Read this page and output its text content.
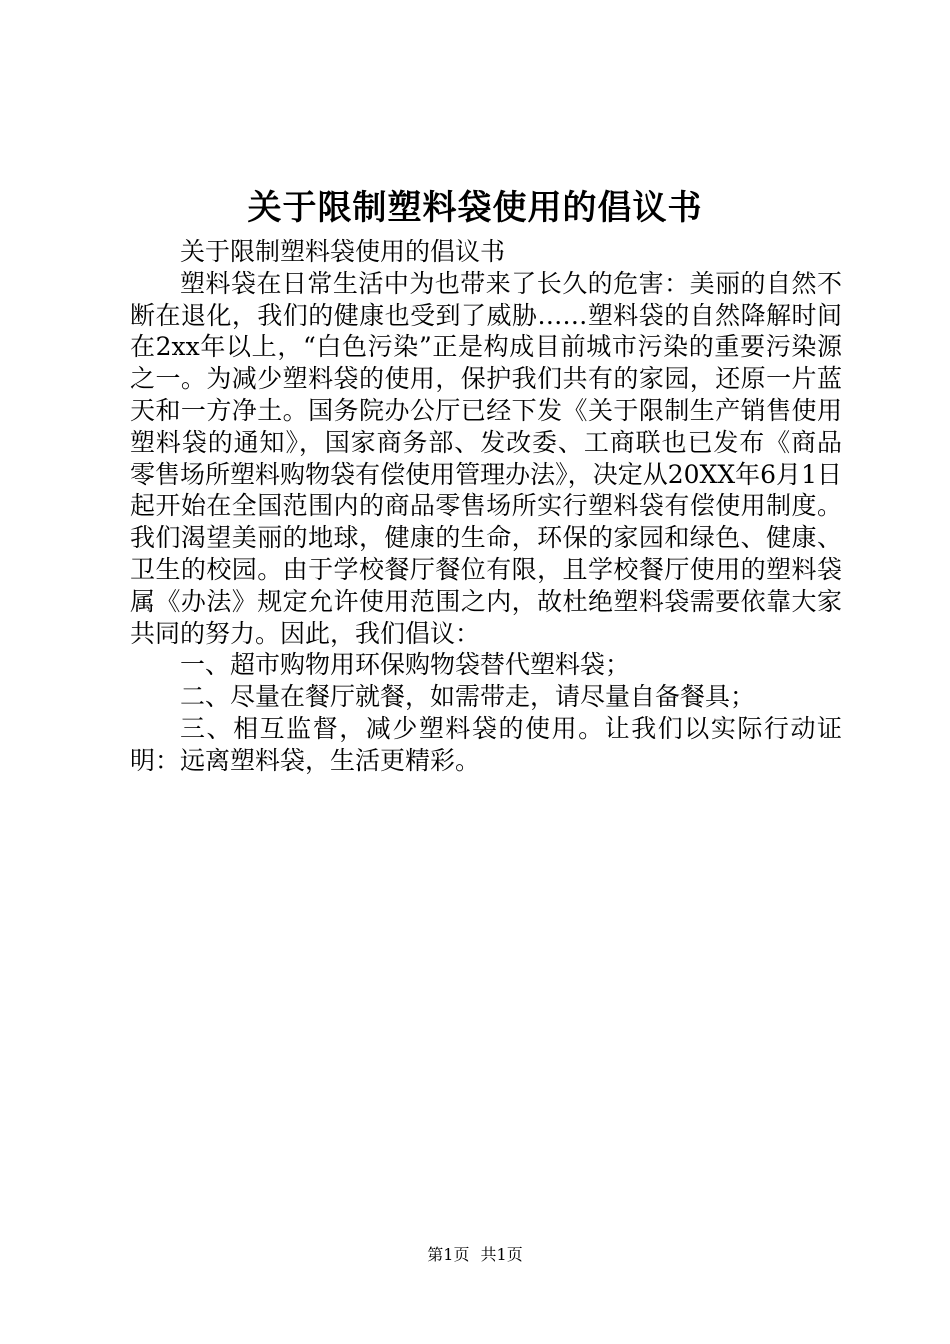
关于限制塑料袋使用的倡议书

关于限制塑料袋使用的倡议书

塑料袋在日常生活中为也带来了长久的危害：美丽的自然不断在退化，我们的健康也受到了威胁……塑料袋的自然降解时间在2xx年以上，“白色污染”正是构成目前城市污染的重要污染源之一。为减少塑料袋的使用，保护我们共有的家园，还原一片蓝天和一方净土。国务院办公厅已经下发《关于限制生产销售使用塑料袋的通知》，国家商务部、发改委、工商联也已发布《商品零售场所塑料购物袋有偿使用管理办法》，决定从20XX年6月1日起开始在全国范围内的商品零售场所实行塑料袋有偿使用制度。我们渴望美丽的地球，健康的生命，环保的家园和绿色、健康、卫生的校园。由于学校餐厅餐位有限，且学校餐厅使用的塑料袋属《办法》规定允许使用范围之内，故杜绝塑料袋需要依靠大家共同的努力。因此，我们倡议：

一、超市购物用环保购物袋替代塑料袋；

二、尽量在餐厅就餐，如需带走，请尽量自备餐具；

三、相互监督，减少塑料袋的使用。让我们以实际行动证明：远离塑料袋，生活更精彩。

第1页 共1页
